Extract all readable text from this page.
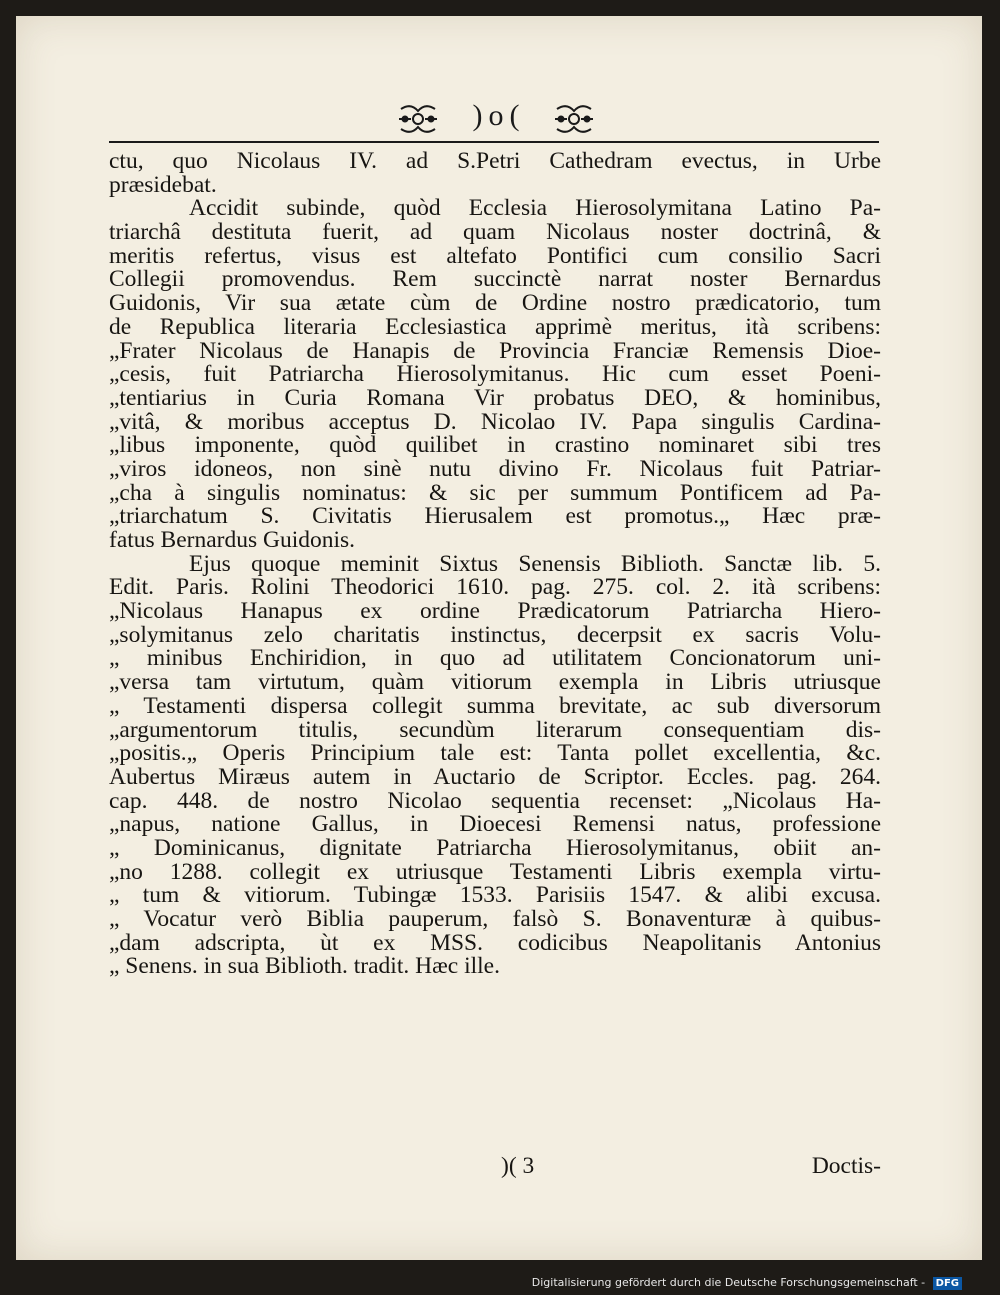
)o(
ctu, quo Nicolaus IV. ad S.Petri Cathedram evectus, in Urbe
præsidebat.
Accidit subinde, quòd Ecclesia Hierosolymitana Latino Pa-
triarchâ destituta fuerit, ad quam Nicolaus noster doctrinâ, &
meritis refertus, visus est altefato Pontifici cum consilio Sacri
Collegii promovendus. Rem succinctè narrat noster Bernardus
Guidonis, Vir sua ætate cùm de Ordine nostro prædicatorio, tum
de Republica literaria Ecclesiastica apprimè meritus, ità scribens:
„Frater Nicolaus de Hanapis de Provincia Franciæ Remensis Dioe-
„cesis, fuit Patriarcha Hierosolymitanus. Hic cum esset Poeni-
„tentiarius in Curia Romana Vir probatus DEO, & hominibus,
„vitâ, & moribus acceptus D. Nicolao IV. Papa singulis Cardina-
„libus imponente, quòd quilibet in crastino nominaret sibi tres
„viros idoneos, non sinè nutu divino Fr. Nicolaus fuit Patriar-
„cha à singulis nominatus: & sic per summum Pontificem ad Pa-
„triarchatum S. Civitatis Hierusalem est promotus.„ Hæc præ-
fatus Bernardus Guidonis.
Ejus quoque meminit Sixtus Senensis Biblioth. Sanctæ lib. 5.
Edit. Paris. Rolini Theodorici 1610. pag. 275. col. 2. ità scribens:
„Nicolaus Hanapus ex ordine Prædicatorum Patriarcha Hiero-
„solymitanus zelo charitatis instinctus, decerpsit ex sacris Volu-
„ minibus Enchiridion, in quo ad utilitatem Concionatorum uni-
„versa tam virtutum, quàm vitiorum exempla in Libris utriusque
„ Testamenti dispersa collegit summa brevitate, ac sub diversorum
„argumentorum titulis, secundùm literarum consequentiam dis-
„positis.„ Operis Principium tale est: Tanta pollet excellentia, &c.
Aubertus Miræus autem in Auctario de Scriptor. Eccles. pag. 264.
cap. 448. de nostro Nicolao sequentia recenset: „Nicolaus Ha-
„napus, natione Gallus, in Dioecesi Remensi natus, professione
„ Dominicanus, dignitate Patriarcha Hierosolymitanus, obiit an-
„no 1288. collegit ex utriusque Testamenti Libris exempla virtu-
„ tum & vitiorum. Tubingæ 1533. Parisiis 1547. & alibi excusa.
„ Vocatur verò Biblia pauperum, falsò S. Bonaventuræ à quibus-
„dam adscripta, ùt ex MSS. codicibus Neapolitanis Antonius
„ Senens. in sua Biblioth. tradit. Hæc ille.
)( 3	Doctis-
Digitalisierung gefördert durch die Deutsche Forschungsgemeinschaft - DFG
